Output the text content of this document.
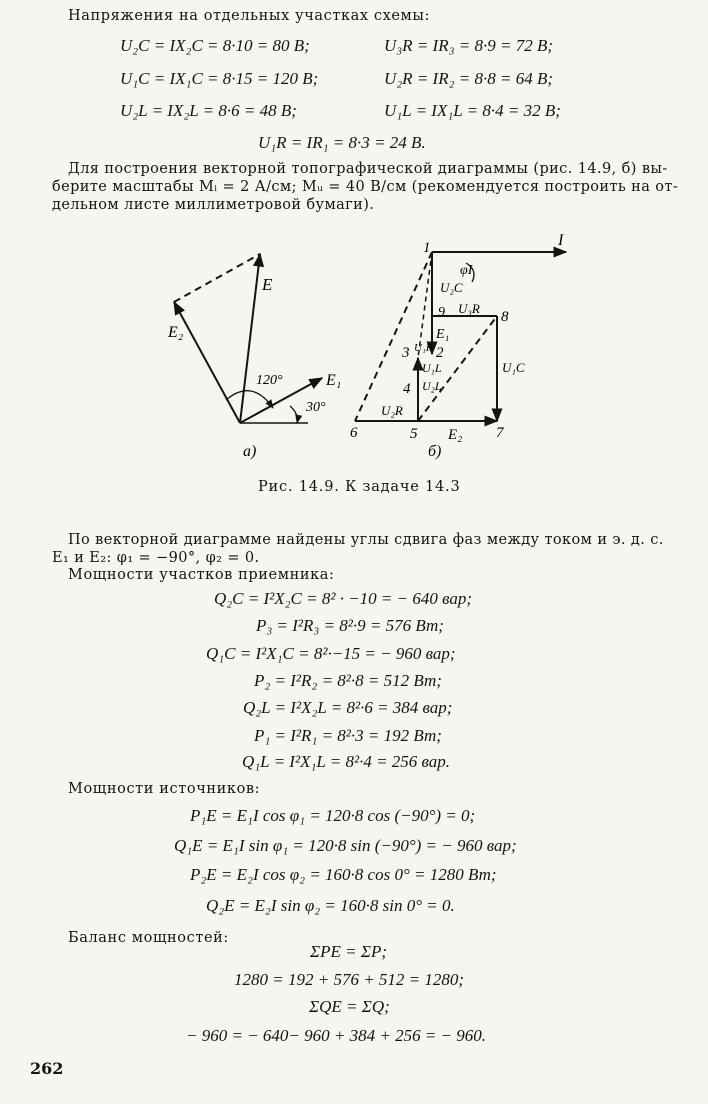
Напряжения на отдельных участках схемы:
U₂C = IX₂C = 8·10 = 80 В;	U₃R = IR₃ = 8·9 = 72 В;
U₁C = IX₁C = 8·15 = 120 В;	U₂R = IR₂ = 8·8 = 64 В;
U₂L = IX₂L = 8·6 = 48 В;	U₁L = IX₁L = 8·4 = 32 В;
U₁R = IR₁ = 8·3 = 24 В.
Для построения векторной топографической диаграммы (рис. 14.9, б) вы-
берите масштабы Mᵢ = 2 А/см; Mᵤ = 40 В/см (рекомендуется построить на от-
дельном листе миллиметровой бумаги).
E
E₂
E₁
120°
30°
а)
1
9	8
2
3
4
5
6	7
I
φI
U₂C
U₃R
E₁
U₁R
U₁L
U₂L
U₁C
U₂R
E₂
б)
Рис. 14.9. К задаче 14.3
По векторной диаграмме найдены углы сдвига фаз между током и э. д. с.
E₁ и E₂: φ₁ = −90°, φ₂ = 0.
Мощности участков приемника:
Q₂C = I²X₂C = 8² · −10 = − 640 вар;
P₃ = I²R₃ = 8²·9 = 576 Вт;
Q₁C = I²X₁C = 8²·−15 = − 960 вар;
P₂ = I²R₂ = 8²·8 = 512 Вт;
Q₂L = I²X₂L = 8²·6 = 384 вар;
P₁ = I²R₁ = 8²·3 = 192 Вт;
Q₁L = I²X₁L = 8²·4 = 256 вар.
Мощности источников:
P₁E = E₁I cos φ₁ = 120·8 cos (−90°) = 0;
Q₁E = E₁I sin φ₁ = 120·8 sin (−90°) = − 960 вар;
P₂E = E₂I cos φ₂ = 160·8 cos 0° = 1280 Вт;
Q₂E = E₂I sin φ₂ = 160·8 sin 0° = 0.
Баланс мощностей:
ΣPE = ΣP;
1280 = 192 + 576 + 512 = 1280;
ΣQE = ΣQ;
− 960 = − 640− 960 + 384 + 256 = − 960.
262
